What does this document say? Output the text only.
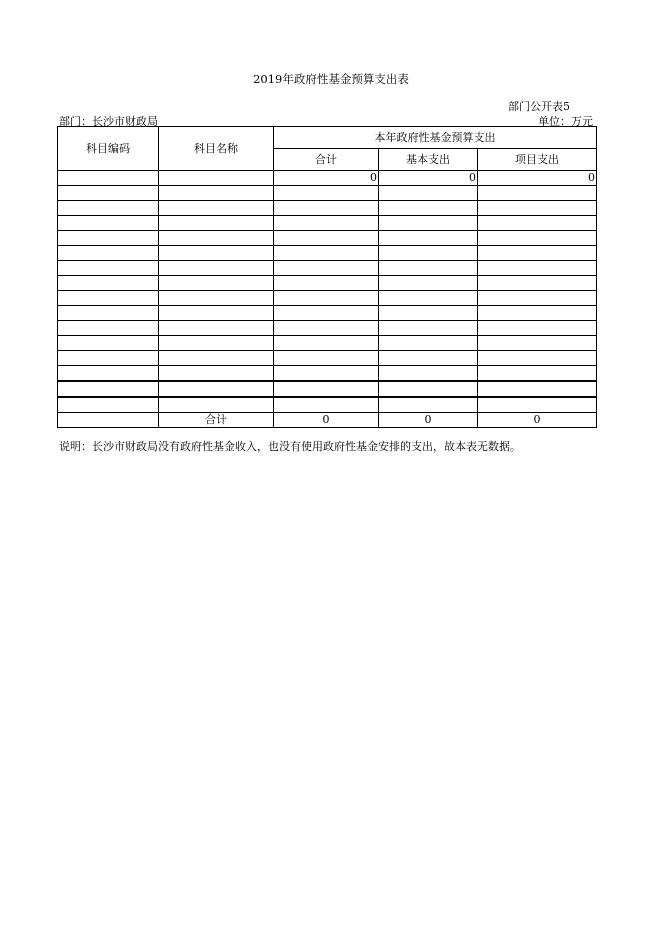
2019年政府性基金预算支出表
部门公开表5
部门：长沙市财政局	单位：万元
科目编码	科目名称	本年政府性基金预算支出		
		合计	基本支出	项目支出
		0	0	0

	合计	0	0	0
说明：长沙市财政局没有政府性基金收入，也没有使用政府性基金安排的支出，故本表无数据。
